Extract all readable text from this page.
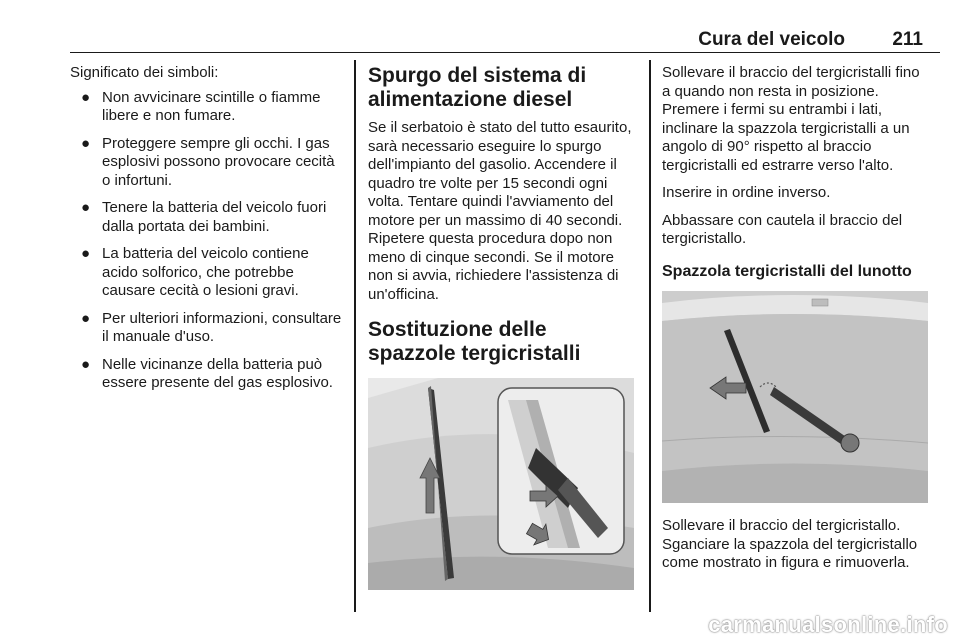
Cura del veicolo 211

Significato dei simboli:

● Non avvicinare scintille o fiamme libere e non fumare.
● Proteggere sempre gli occhi. I gas esplosivi possono provocare cecità o infortuni.
● Tenere la batteria del veicolo fuori dalla portata dei bambini.
● La batteria del veicolo contiene acido solforico, che potrebbe causare cecità o lesioni gravi.
● Per ulteriori informazioni, consultare il manuale d'uso.
● Nelle vicinanze della batteria può essere presente del gas esplosivo.
Spurgo del sistema di alimentazione diesel

Se il serbatoio è stato del tutto esaurito, sarà necessario eseguire lo spurgo dell'impianto del gasolio. Accendere il quadro tre volte per 15 secondi ogni volta. Tentare quindi l'avviamento del motore per un massimo di 40 secondi. Ripetere questa procedura dopo non meno di cinque secondi. Se il motore non si avvia, richiedere l'assistenza di un'officina.

Sostituzione delle spazzole tergicristalli

Sollevare il braccio del tergicristalli fino a quando non resta in posizione. Premere i fermi su entrambi i lati, inclinare la spazzola tergicristalli a un angolo di 90° rispetto al braccio tergicristalli ed estrarre verso l'alto.

Inserire in ordine inverso.

Abbassare con cautela il braccio del tergicristallo.

Spazzola tergicristalli del lunotto

Sollevare il braccio del tergicristallo. Sganciare la spazzola del tergicristallo come mostrato in figura e rimuoverla.

carmanualsonline.info
